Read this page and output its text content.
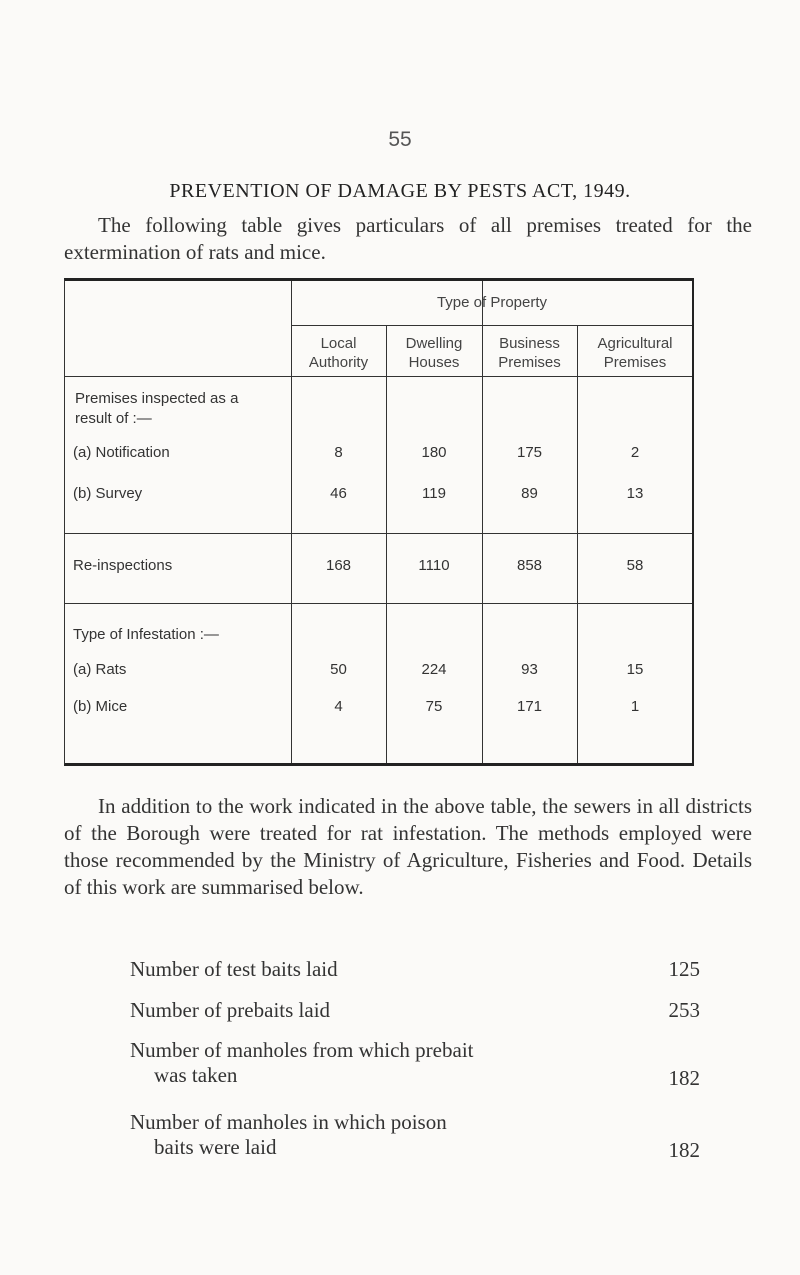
55
PREVENTION OF DAMAGE BY PESTS ACT, 1949.
The following table gives particulars of all premises treated for the extermination of rats and mice.
Type of Property
Local Authority
Dwelling Houses
Business Premises
Agricultural Premises
Premises inspected as a result of :—
(a) Notification	8	180	175	2
(b) Survey	46	119	89	13
Re-inspections	168	1110	858	58
Type of Infestation :—
(a) Rats	50	224	93	15
(b) Mice	4	75	171	1
In addition to the work indicated in the above table, the sewers in all districts of the Borough were treated for rat infestation. The methods employed were those recommended by the Ministry of Agriculture, Fisheries and Food. Details of this work are summarised below.
Number of test baits laid	125
Number of prebaits laid	253
Number of manholes from which prebait
was taken	182
Number of manholes in which poison
baits were laid	182
